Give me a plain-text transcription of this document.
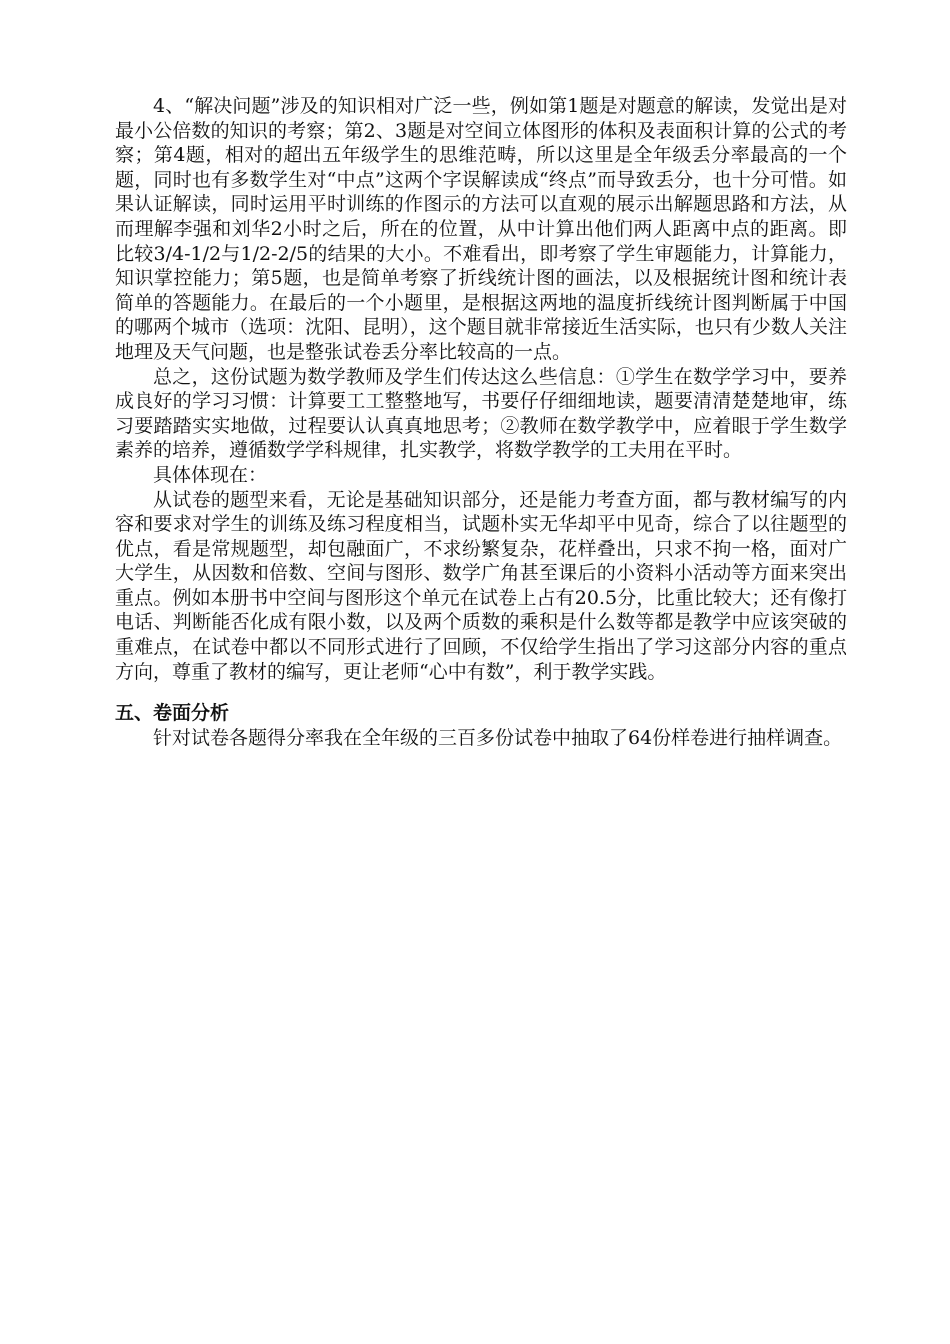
4、“解决问题”涉及的知识相对广泛一些，例如第1题是对题意的解读，发觉出是对最小公倍数的知识的考察；第2、3题是对空间立体图形的体积及表面积计算的公式的考察；第4题，相对的超出五年级学生的思维范畴，所以这里是全年级丢分率最高的一个题，同时也有多数学生对“中点”这两个字误解读成“终点”而导致丢分，也十分可惜。如果认证解读，同时运用平时训练的作图示的方法可以直观的展示出解题思路和方法，从而理解李强和刘华2小时之后，所在的位置，从中计算出他们两人距离中点的距离。即比较3/4-1/2与1/2-2/5的结果的大小。不难看出，即考察了学生审题能力，计算能力，知识掌控能力；第5题，也是简单考察了折线统计图的画法，以及根据统计图和统计表简单的答题能力。在最后的一个小题里，是根据这两地的温度折线统计图判断属于中国的哪两个城市（选项：沈阳、昆明），这个题目就非常接近生活实际，也只有少数人关注地理及天气问题，也是整张试卷丢分率比较高的一点。

总之，这份试题为数学教师及学生们传达这么些信息：①学生在数学学习中，要养成良好的学习习惯：计算要工工整整地写，书要仔仔细细地读，题要清清楚楚地审，练习要踏踏实实地做，过程要认认真真地思考；②教师在数学教学中，应着眼于学生数学素养的培养，遵循数学学科规律，扎实教学，将数学教学的工夫用在平时。

具体体现在：

从试卷的题型来看，无论是基础知识部分，还是能力考查方面，都与教材编写的内容和要求对学生的训练及练习程度相当，试题朴实无华却平中见奇，综合了以往题型的优点，看是常规题型，却包融面广，不求纷繁复杂，花样叠出，只求不拘一格，面对广大学生，从因数和倍数、空间与图形、数学广角甚至课后的小资料小活动等方面来突出重点。例如本册书中空间与图形这个单元在试卷上占有20.5分，比重比较大；还有像打电话、判断能否化成有限小数，以及两个质数的乘积是什么数等都是教学中应该突破的重难点，在试卷中都以不同形式进行了回顾，不仅给学生指出了学习这部分内容的重点方向，尊重了教材的编写，更让老师“心中有数”，利于教学实践。

五、卷面分析

针对试卷各题得分率我在全年级的三百多份试卷中抽取了64份样卷进行抽样调查。
